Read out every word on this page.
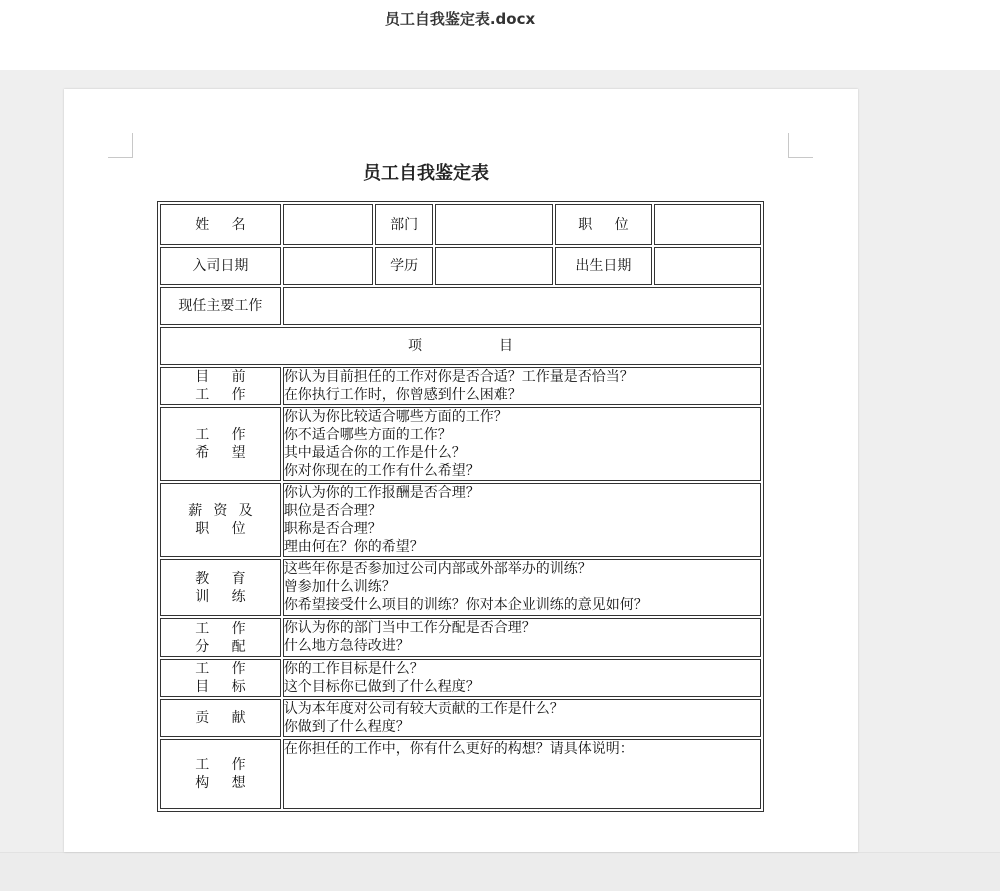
员工自我鉴定表.docx
员工自我鉴定表
姓 名		部门		职 位	
入司日期		学历		出生日期	
现任主要工作					
项 目					

目 前
工 作	你认为目前担任的工作对你是否合适？工作量是否恰当？
在你执行工作时，你曾感到什么困难？				

工 作
希 望	你认为你比较适合哪些方面的工作？
你不适合哪些方面的工作？
其中最适合你的工作是什么？
你对你现在的工作有什么希望？				

薪 资 及
职 位	你认为你的工作报酬是否合理？
职位是否合理？
职称是否合理？
理由何在？你的希望？				

教 育
训 练	这些年你是否参加过公司内部或外部举办的训练？
曾参加什么训练？
你希望接受什么项目的训练？你对本企业训练的意见如何？				

工 作
分 配	你认为你的部门当中工作分配是否合理？
什么地方急待改进？				

工 作
目 标	你的工作目标是什么？
这个目标你已做到了什么程度？				

贡 献	认为本年度对公司有较大贡献的工作是什么？
你做到了什么程度？				

工 作
构 想	在你担任的工作中，你有什么更好的构想？请具体说明：				
